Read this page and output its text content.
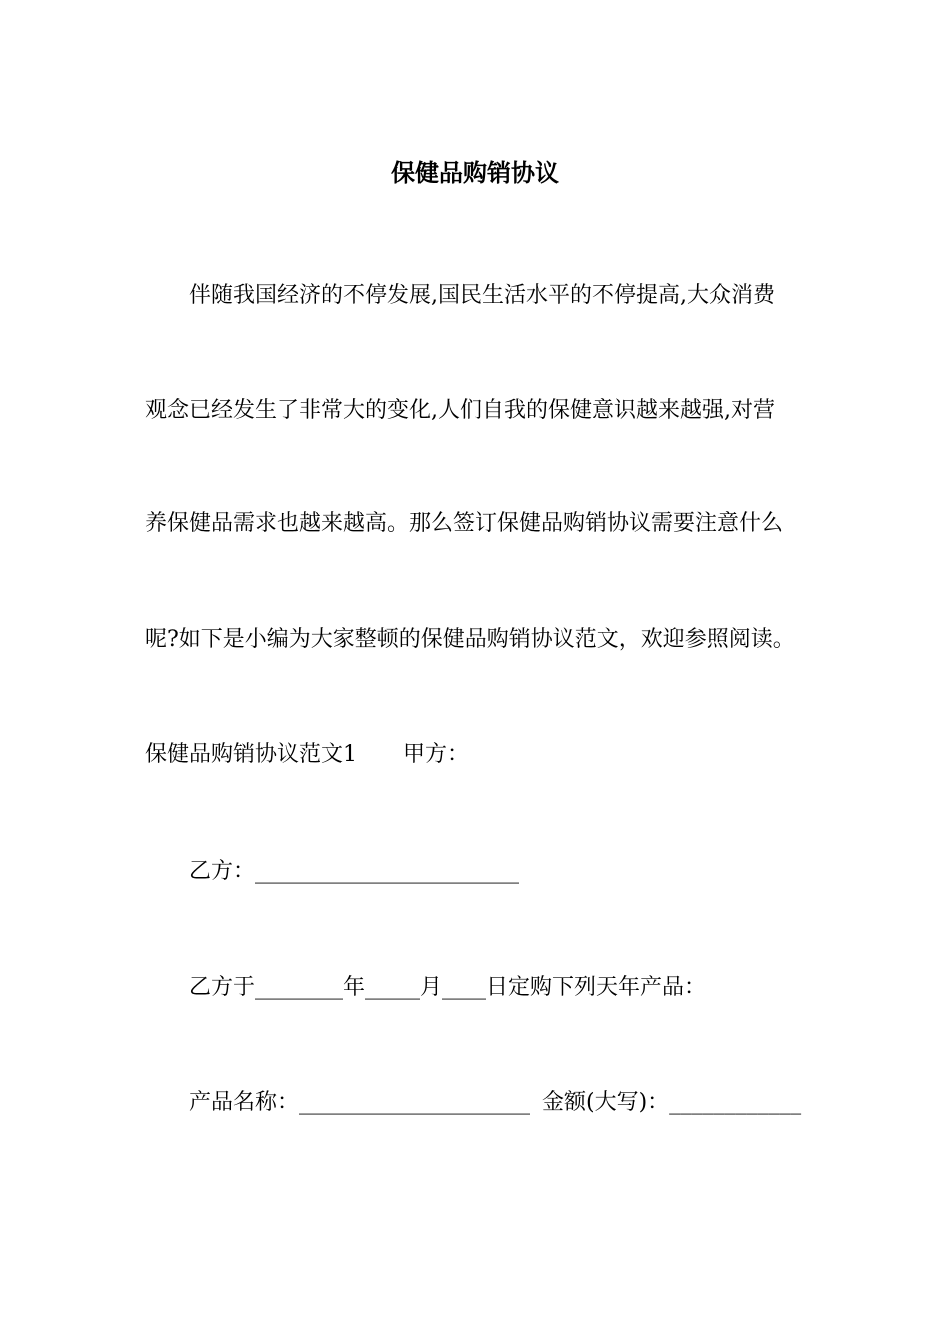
保健品购销协议
伴随我国经济的不停发展,国民生活水平的不停提高,大众消费
观念已经发生了非常大的变化,人们自我的保健意识越来越强,对营
养保健品需求也越来越高。那么签订保健品购销协议需要注意什么
呢?如下是小编为大家整顿的保健品购销协议范文，欢迎参照阅读。
保健品购销协议范文1 甲方：
乙方：________________________
乙方于________年_____月____日定购下列天年产品：
产品名称：_____________________ 金额(大写)：____________
